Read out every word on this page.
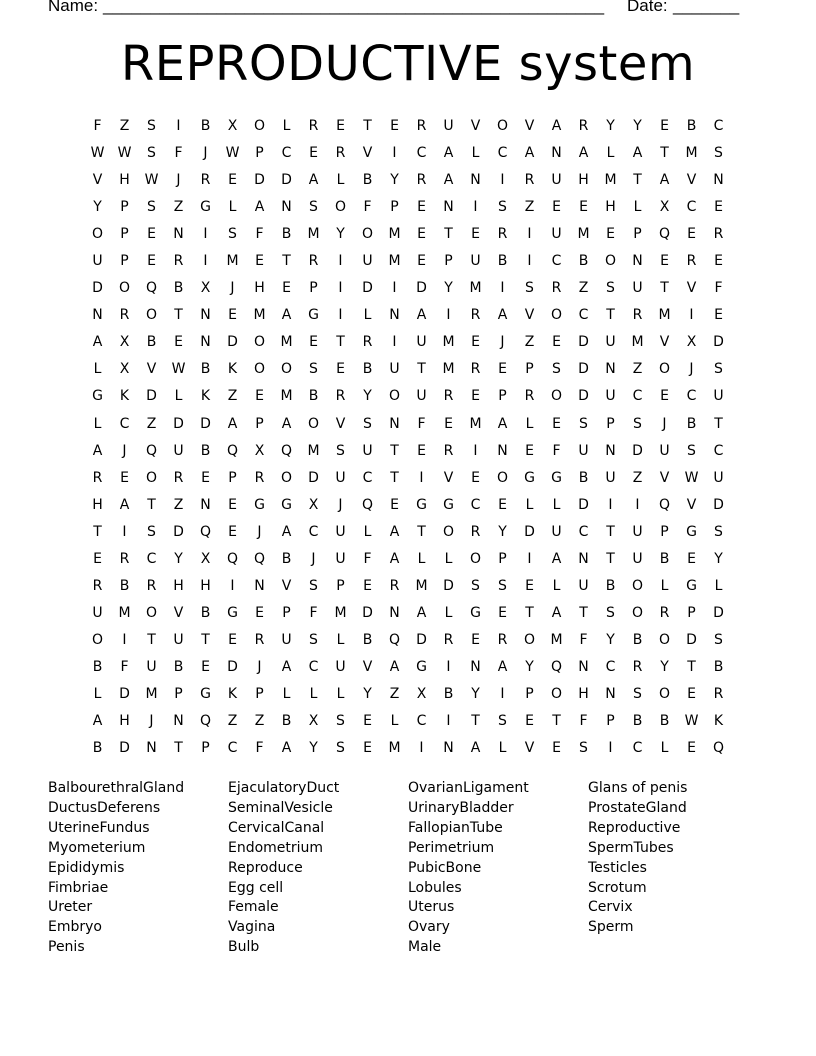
Name: _____________________________________________________ Date: _______
REPRODUCTIVE system
F	Z	S	I	B	X	O	L	R	E	T	E	R	U	V	O	V	A	R	Y	Y	E	B	C
W W	S	F	J	W	P	C	E	R	V	I	C	A	L	C	A	N	A	L	A	T	M	S
V	H	W	J	R	E	D	D	A	L	B	Y	R	A	N	I	R	U	H	M	T	A	V	N
Y	P	S	Z	G	L	A	N	S	O	F	P	E	N	I	S	Z	E	E	H	L	X	C	E
O	P	E	N	I	S	F	B	M	Y	O	M	E	T	E	R	I	U	M	E	P	Q	E	R
U	P	E	R	I	M	E	T	R	I	U	M	E	P	U	B	I	C	B	O	N	E	R	E
D	O	Q	B	X	J	H	E	P	I	D	I	D	Y	M	I	S	R	Z	S	U	T	V	F
N	R	O	T	N	E	M	A	G	I	L	N	A	I	R	A	V	O	C	T	R	M	I	E
A	X	B	E	N	D	O	M	E	T	R	I	U	M	E	J	Z	E	D	U	M	V	X	D
L	X	V	W	B	K	O	O	S	E	B	U	T	M	R	E	P	S	D	N	Z	O	J	S
G	K	D	L	K	Z	E	M	B	R	Y	O	U	R	E	P	R	O	D	U	C	E	C	U
L	C	Z	D	D	A	P	A	O	V	S	N	F	E	M	A	L	E	S	P	S	J	B	T
A	J	Q	U	B	Q	X	Q	M	S	U	T	E	R	I	N	E	F	U	N	D	U	S	C
R	E	O	R	E	P	R	O	D	U	C	T	I	V	E	O	G	G	B	U	Z	V	W	U
H	A	T	Z	N	E	G	G	X	J	Q	E	G	G	C	E	L	L	D	I	I	Q	V	D
T	I	S	D	Q	E	J	A	C	U	L	A	T	O	R	Y	D	U	C	T	U	P	G	S
E	R	C	Y	X	Q	Q	B	J	U	F	A	L	L	O	P	I	A	N	T	U	B	E	Y
R	B	R	H	H	I	N	V	S	P	E	R	M	D	S	S	E	L	U	B	O	L	G	L
U	M	O	V	B	G	E	P	F	M	D	N	A	L	G	E	T	A	T	S	O	R	P	D
O	I	T	U	T	E	R	U	S	L	B	Q	D	R	E	R	O	M	F	Y	B	O	D	S
B	F	U	B	E	D	J	A	C	U	V	A	G	I	N	A	Y	Q	N	C	R	Y	T	B
L	D	M	P	G	K	P	L	L	L	Y	Z	X	B	Y	I	P	O	H	N	S	O	E	R
A	H	J	N	Q	Z	Z	B	X	S	E	L	C	I	T	S	E	T	F	P	B	B	W	K
B	D	N	T	P	C	F	A	Y	S	E	M	I	N	A	L	V	E	S	I	C	L	E	Q
BalbourethralGland
DuctusDeferens
UterineFundus
Myometerium
Epididymis
Fimbriae
Ureter
Embryo
Penis
EjaculatoryDuct
SeminalVesicle
CervicalCanal
Endometrium
Reproduce
Egg cell
Female
Vagina
Bulb
OvarianLigament
UrinaryBladder
FallopianTube
Perimetrium
PubicBone
Lobules
Uterus
Ovary
Male
Glans of penis
ProstateGland
Reproductive
SpermTubes
Testicles
Scrotum
Cervix
Sperm
